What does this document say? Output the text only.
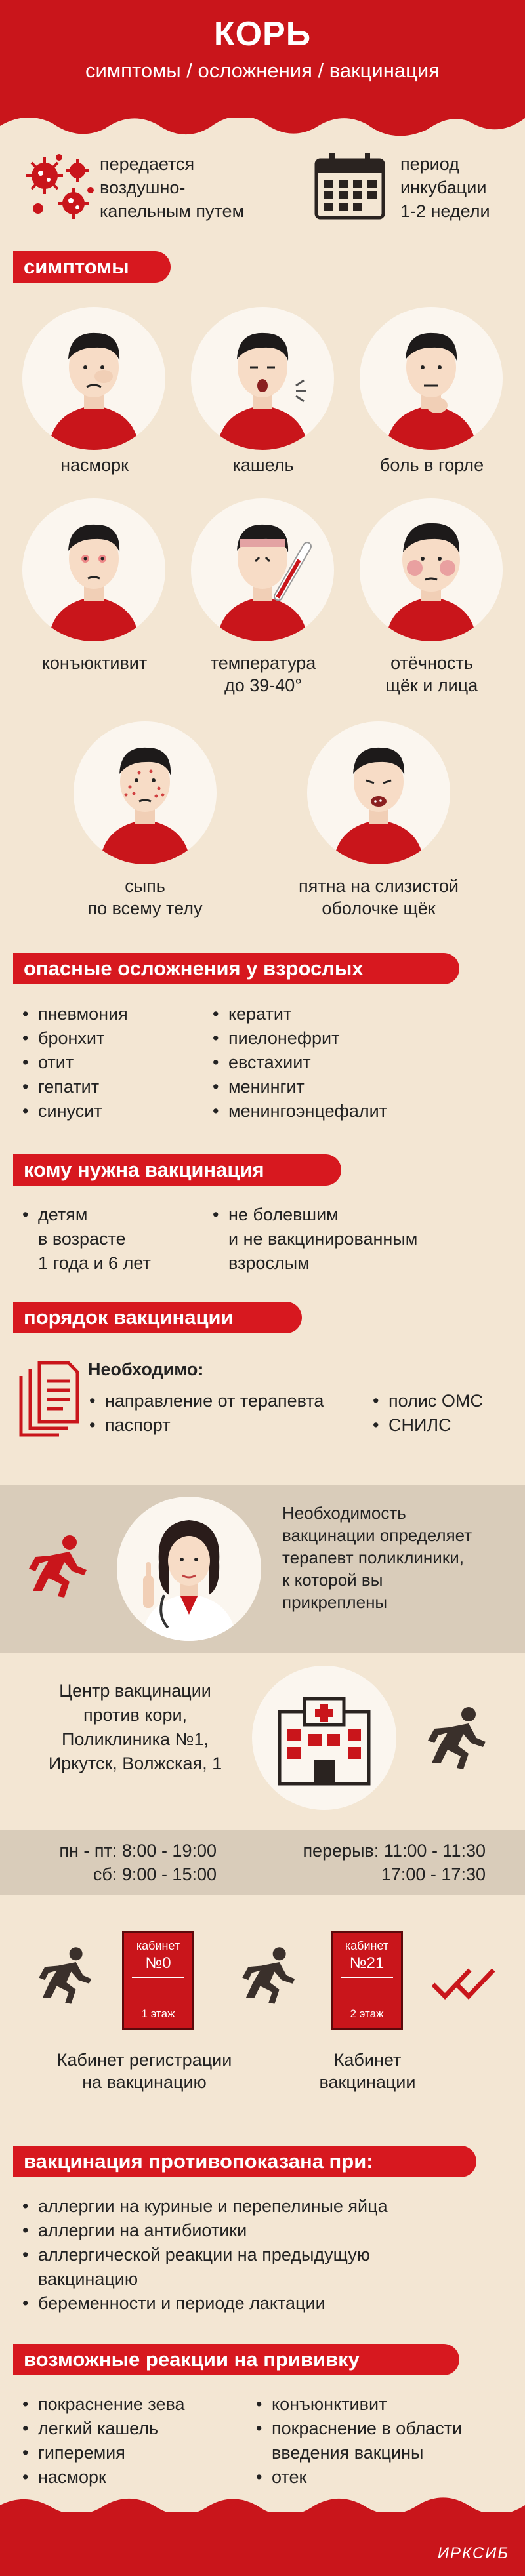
КОРЬ
симптомы / осложнения / вакцинация
передается
воздушно-
капельным путем
период
инкубации
1-2 недели
симптомы
насморк	кашель	боль в горле
конъюктивит	температура
до 39-40°
отёчность
щёк и лица
сыпь
по всему телу
пятна на слизистой
оболочке щёк
опасные осложнения у взрослых
• пневмония
• бронхит
• отит
• гепатит
• синусит
• кератит
• пиелонефрит
• евстахиит
• менингит
• менингоэнцефалит
кому нужна вакцинация
• детям
в возрасте
1 года и 6 лет
• не болевшим
и не вакцинированным
взрослым
порядок вакцинации
Необходимо:
• направление от терапевта
• паспорт
• полис ОМС
• СНИЛС
Необходимость
вакцинации определяет
терапевт поликлиники,
к которой вы
прикреплены
Центр вакцинации
против кори,
Поликлиника №1,
Иркутск, Волжская, 1
пн - пт: 8:00 - 19:00
сб: 9:00 - 15:00
перерыв: 11:00 - 11:30
17:00 - 17:30
кабинет
№0
1 этаж
кабинет
№21
2 этаж
Кабинет регистрации
на вакцинацию
Кабинет
вакцинации
вакцинация противопоказана при:
• аллергии на куриные и перепелиные яйца
• аллергии на антибиотики
• аллергической реакции на предыдущую
вакцинацию
• беременности и периоде лактации
возможные реакции на прививку
• покраснение зева
• легкий кашель
• гиперемия
• насморк
• конъюнктивит
• покраснение в области
введения вакцины
• отек
ИРКСИБ
